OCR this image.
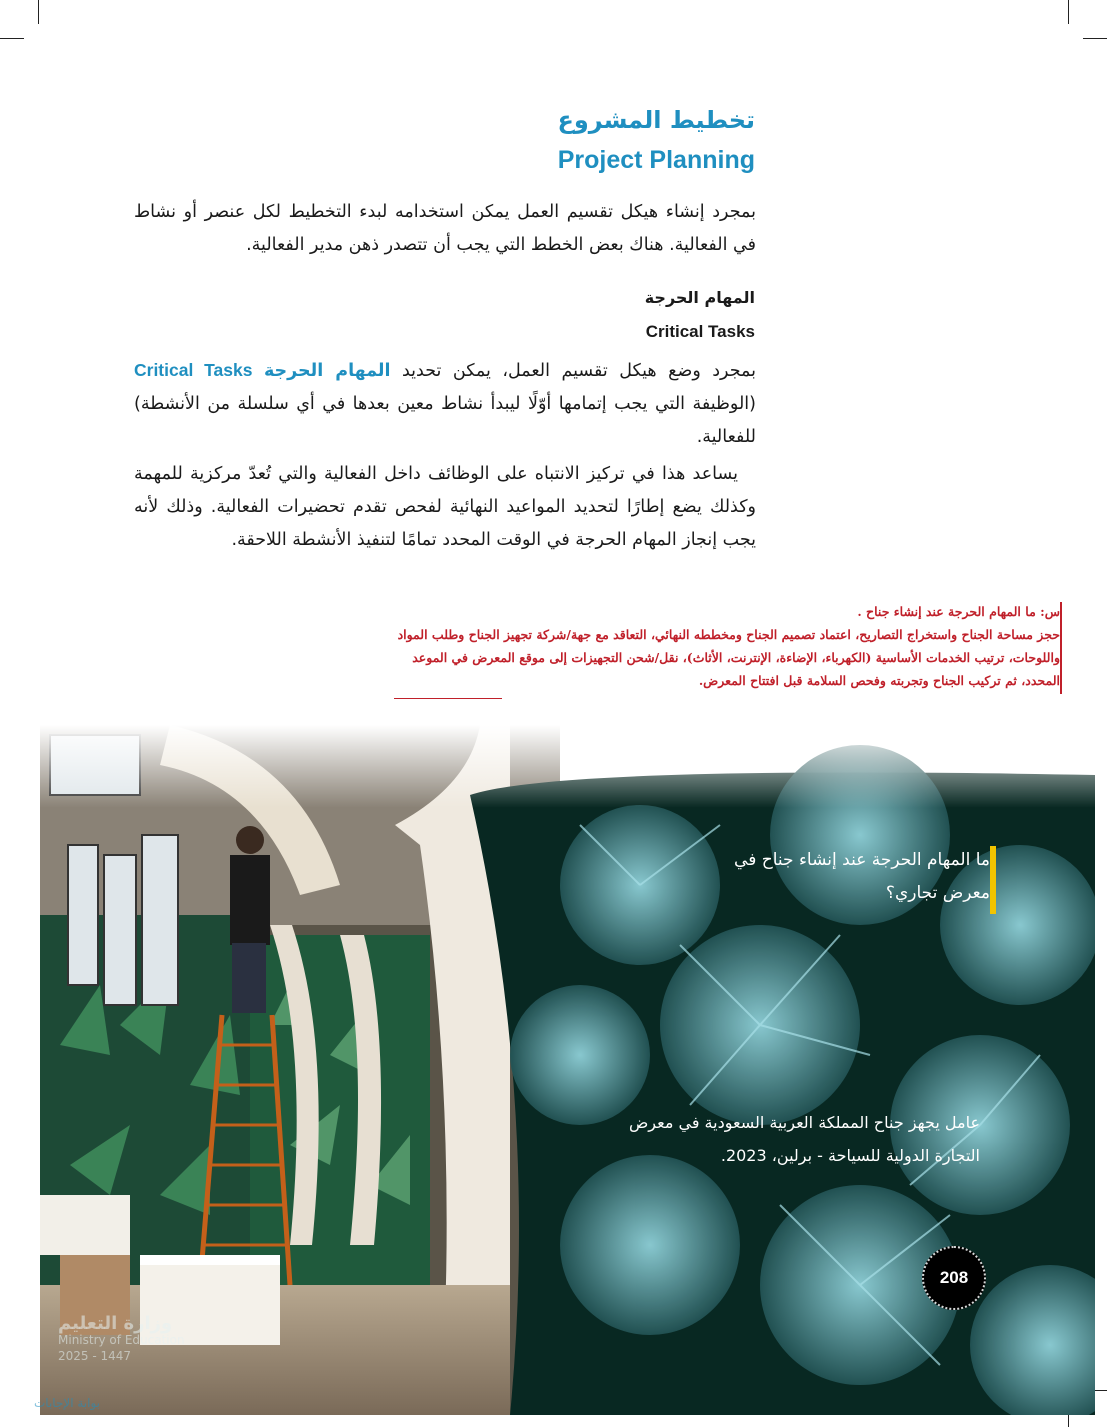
تخطيط المشروع
Project Planning

بمجرد إنشاء هيكل تقسيم العمل يمكن استخدامه لبدء التخطيط لكل عنصر أو نشاط في الفعالية. هناك بعض الخطط التي يجب أن تتصدر ذهن مدير الفعالية.

المهام الحرجة
Critical Tasks

بمجرد وضع هيكل تقسيم العمل، يمكن تحديد المهام الحرجة Critical Tasks (الوظيفة التي يجب إتمامها أوّلًا ليبدأ نشاط معين بعدها في أي سلسلة من الأنشطة) للفعالية.

يساعد هذا في تركيز الانتباه على الوظائف داخل الفعالية والتي تُعدّ مركزية للمهمة وكذلك يضع إطارًا لتحديد المواعيد النهائية لفحص تقدم تحضيرات الفعالية. وذلك لأنه يجب إنجاز المهام الحرجة في الوقت المحدد تمامًا لتنفيذ الأنشطة اللاحقة.

س: ما المهام الحرجة عند إنشاء جناح .
حجز مساحة الجناح واستخراج التصاريح، اعتماد تصميم الجناح ومخططه النهائي، التعاقد مع جهة/شركة تجهيز الجناح وطلب المواد واللوحات، ترتيب الخدمات الأساسية (الكهرباء، الإضاءة، الإنترنت، الأثاث)، نقل/شحن التجهيزات إلى موقع المعرض في الموعد المحدد، ثم تركيب الجناح وتجربته وفحص السلامة قبل افتتاح المعرض.
ما المهام الحرجة عند إنشاء جناح في معرض تجاري؟
عامل يجهز جناح المملكة العربية السعودية في معرض التجارة الدولية للسياحة - برلين، 2023.
208
وزارة التعليم
Ministry of Education
2025 - 1447
بوابة الإجابات
